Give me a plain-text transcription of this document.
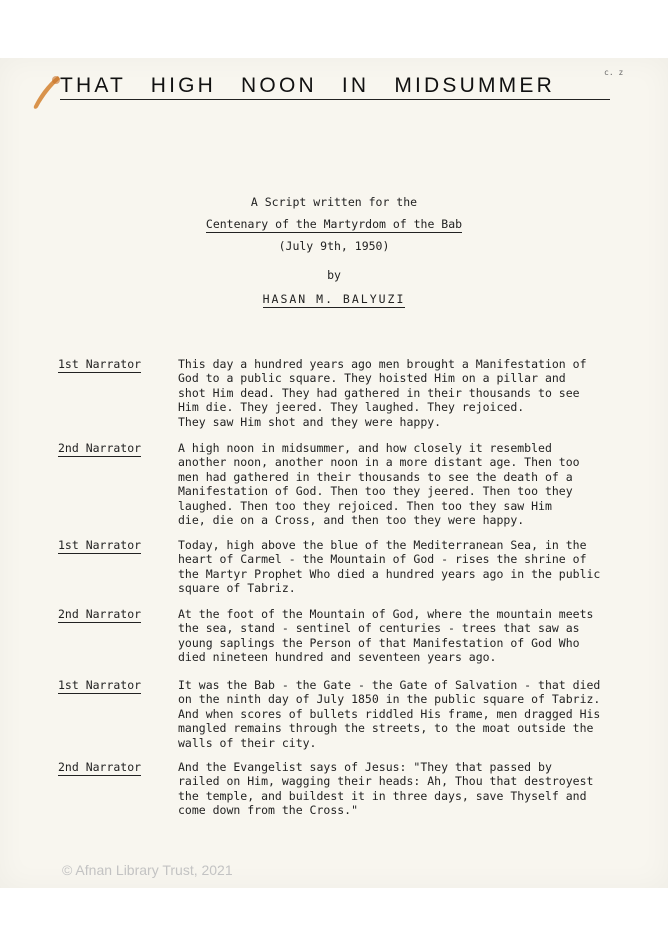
c. z
THAT HIGH NOON IN MIDSUMMER
A Script written for the
Centenary of the Martyrdom of the Bab
(July 9th, 1950)
by
HASAN M. BALYUZI
1st Narrator	This day a hundred years ago men brought a Manifestation of
God to a public square. They hoisted Him on a pillar and
shot Him dead. They had gathered in their thousands to see
Him die. They jeered. They laughed. They rejoiced.
They saw Him shot and they were happy.
2nd Narrator	A high noon in midsummer, and how closely it resembled
another noon, another noon in a more distant age. Then too
men had gathered in their thousands to see the death of a
Manifestation of God. Then too they jeered. Then too they
laughed. Then too they rejoiced. Then too they saw Him
die, die on a Cross, and then too they were happy.
1st Narrator	Today, high above the blue of the Mediterranean Sea, in the
heart of Carmel - the Mountain of God - rises the shrine of
the Martyr Prophet Who died a hundred years ago in the public
square of Tabriz.
2nd Narrator	At the foot of the Mountain of God, where the mountain meets
the sea, stand - sentinel of centuries - trees that saw as
young saplings the Person of that Manifestation of God Who
died nineteen hundred and seventeen years ago.
1st Narrator	It was the Bab - the Gate - the Gate of Salvation - that died
on the ninth day of July 1850 in the public square of Tabriz.
And when scores of bullets riddled His frame, men dragged His
mangled remains through the streets, to the moat outside the
walls of their city.
2nd Narrator	And the Evangelist says of Jesus: "They that passed by
railed on Him, wagging their heads: Ah, Thou that destroyest
the temple, and buildest it in three days, save Thyself and
come down from the Cross."
© Afnan Library Trust, 2021
